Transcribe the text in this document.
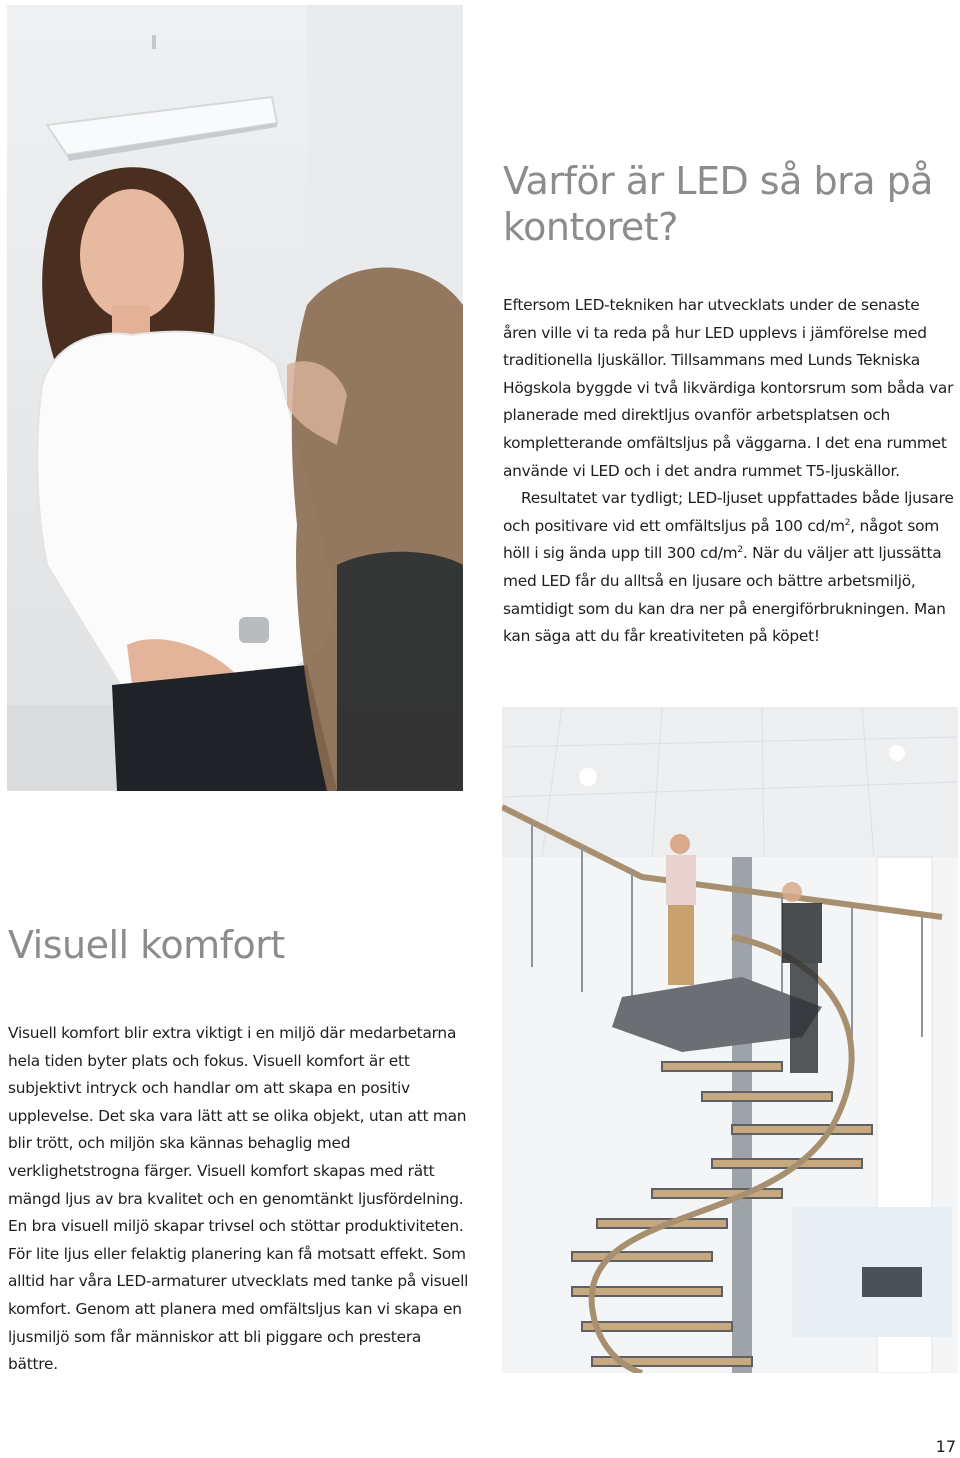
Varför är LED så bra på kontoret?

Eftersom LED-tekniken har utvecklats under de senaste åren ville vi ta reda på hur LED upplevs i jämförelse med traditionella ljuskällor. Tillsammans med Lunds Tekniska Högskola byggde vi två likvärdiga kontorsrum som båda var planerade med direktljus ovanför arbetsplatsen och kompletterande omfältsljus på väggarna. I det ena rummet använde vi LED och i det andra rummet T5-ljuskällor.

Resultatet var tydligt; LED-ljuset uppfattades både ljusare och positivare vid ett omfältsljus på 100 $cd/m^2$, något som höll i sig ända upp till 300 $cd/m^2$. När du väljer att ljussätta med LED får du alltså en ljusare och bättre arbetsmiljö, samtidigt som du kan dra ner på energiförbrukningen. Man kan säga att du får kreativiteten på köpet!

Visuell komfort

Visuell komfort blir extra viktigt i en miljö där medarbetarna hela tiden byter plats och fokus. Visuell komfort är ett subjektivt intryck och handlar om att skapa en positiv upplevelse. Det ska vara lätt att se olika objekt, utan att man blir trött, och miljön ska kännas behaglig med verklighetstrogna färger. Visuell komfort skapas med rätt mängd ljus av bra kvalitet och en genomtänkt ljusfördelning. En bra visuell miljö skapar trivsel och stöttar produktiviteten. För lite ljus eller felaktig planering kan få motsatt effekt. Som alltid har våra LED-armaturer utvecklats med tanke på visuell komfort. Genom att planera med omfältsljus kan vi skapa en ljusmiljö som får människor att bli piggare och prestera bättre.

17
